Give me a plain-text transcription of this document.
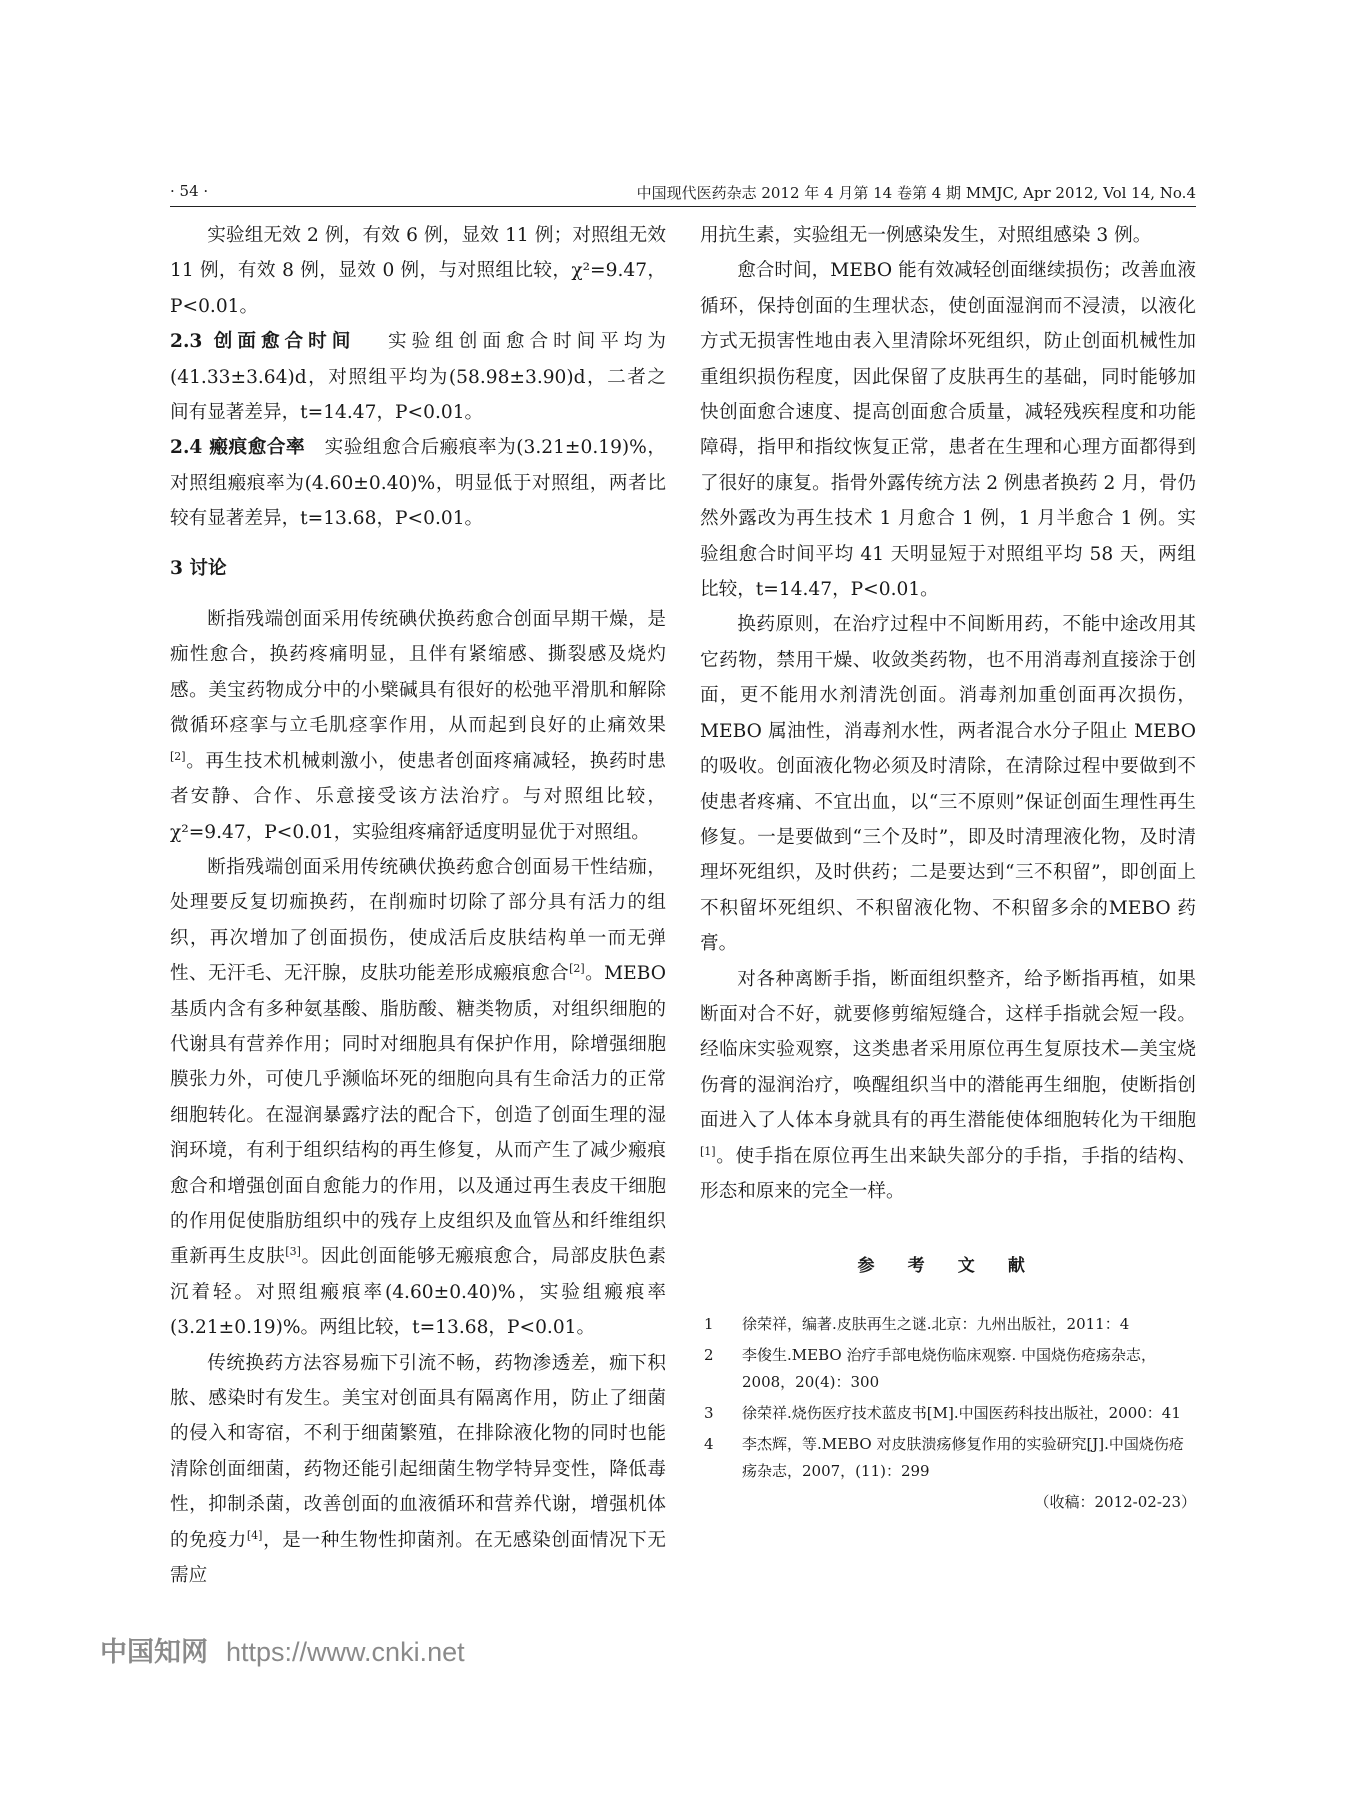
· 54 ·	中国现代医药杂志 2012 年 4 月第 14 卷第 4 期 MMJC, Apr 2012, Vol 14, No.4

实验组无效 2 例，有效 6 例，显效 11 例；对照组无效 11 例，有效 8 例，显效 0 例，与对照组比较，χ²=9.47，P<0.01。

2.3 创面愈合时间 实验组创面愈合时间平均为 (41.33±3.64)d，对照组平均为(58.98±3.90)d，二者之间有显著差异，t=14.47，P<0.01。

2.4 瘢痕愈合率 实验组愈合后瘢痕率为(3.21±0.19)%，对照组瘢痕率为(4.60±0.40)%，明显低于对照组，两者比较有显著差异，t=13.68，P<0.01。

3 讨论

断指残端创面采用传统碘伏换药愈合创面早期干燥，是痂性愈合，换药疼痛明显，且伴有紧缩感、撕裂感及烧灼感。美宝药物成分中的小檗碱具有很好的松弛平滑肌和解除微循环痉挛与立毛肌痉挛作用，从而起到良好的止痛效果[2]。再生技术机械刺激小，使患者创面疼痛减轻，换药时患者安静、合作、乐意接受该方法治疗。与对照组比较，χ²=9.47，P<0.01，实验组疼痛舒适度明显优于对照组。

断指残端创面采用传统碘伏换药愈合创面易干性结痂，处理要反复切痂换药，在削痂时切除了部分具有活力的组织，再次增加了创面损伤，使成活后皮肤结构单一而无弹性、无汗毛、无汗腺，皮肤功能差形成瘢痕愈合[2]。MEBO 基质内含有多种氨基酸、脂肪酸、糖类物质，对组织细胞的代谢具有营养作用；同时对细胞具有保护作用，除增强细胞膜张力外，可使几乎濒临坏死的细胞向具有生命活力的正常细胞转化。在湿润暴露疗法的配合下，创造了创面生理的湿润环境，有利于组织结构的再生修复，从而产生了减少瘢痕愈合和增强创面自愈能力的作用，以及通过再生表皮干细胞的作用促使脂肪组织中的残存上皮组织及血管丛和纤维组织重新再生皮肤[3]。因此创面能够无瘢痕愈合，局部皮肤色素沉着轻。对照组瘢痕率(4.60±0.40)%，实验组瘢痕率(3.21±0.19)%。两组比较，t=13.68，P<0.01。

传统换药方法容易痂下引流不畅，药物渗透差，痂下积脓、感染时有发生。美宝对创面具有隔离作用，防止了细菌的侵入和寄宿，不利于细菌繁殖，在排除液化物的同时也能清除创面细菌，药物还能引起细菌生物学特异变性，降低毒性，抑制杀菌，改善创面的血液循环和营养代谢，增强机体的免疫力[4]，是一种生物性抑菌剂。在无感染创面情况下无需应

用抗生素，实验组无一例感染发生，对照组感染 3 例。

愈合时间，MEBO 能有效减轻创面继续损伤；改善血液循环，保持创面的生理状态，使创面湿润而不浸渍，以液化方式无损害性地由表入里清除坏死组织，防止创面机械性加重组织损伤程度，因此保留了皮肤再生的基础，同时能够加快创面愈合速度、提高创面愈合质量，减轻残疾程度和功能障碍，指甲和指纹恢复正常，患者在生理和心理方面都得到了很好的康复。指骨外露传统方法 2 例患者换药 2 月，骨仍然外露改为再生技术 1 月愈合 1 例，1 月半愈合 1 例。实验组愈合时间平均 41 天明显短于对照组平均 58 天，两组比较，t=14.47，P<0.01。

换药原则，在治疗过程中不间断用药，不能中途改用其它药物，禁用干燥、收敛类药物，也不用消毒剂直接涂于创面，更不能用水剂清洗创面。消毒剂加重创面再次损伤，MEBO 属油性，消毒剂水性，两者混合水分子阻止 MEBO 的吸收。创面液化物必须及时清除，在清除过程中要做到不使患者疼痛、不宜出血，以“三不原则”保证创面生理性再生修复。一是要做到“三个及时”，即及时清理液化物，及时清理坏死组织，及时供药；二是要达到“三不积留”，即创面上不积留坏死组织、不积留液化物、不积留多余的MEBO 药膏。

对各种离断手指，断面组织整齐，给予断指再植，如果断面对合不好，就要修剪缩短缝合，这样手指就会短一段。经临床实验观察，这类患者采用原位再生复原技术—美宝烧伤膏的湿润治疗，唤醒组织当中的潜能再生细胞，使断指创面进入了人体本身就具有的再生潜能使体细胞转化为干细胞[1]。使手指在原位再生出来缺失部分的手指，手指的结构、形态和原来的完全一样。

参 考 文 献
1	徐荣祥，编著.皮肤再生之谜.北京：九州出版社，2011：4
2	李俊生.MEBO 治疗手部电烧伤临床观察. 中国烧伤疮疡杂志，2008，20(4)：300
3	徐荣祥.烧伤医疗技术蓝皮书[M].中国医药科技出版社，2000：41
4	李杰辉，等.MEBO 对皮肤溃疡修复作用的实验研究[J].中国烧伤疮疡杂志，2007，(11)：299
（收稿：2012-02-23）
中国知网 https://www.cnki.net
